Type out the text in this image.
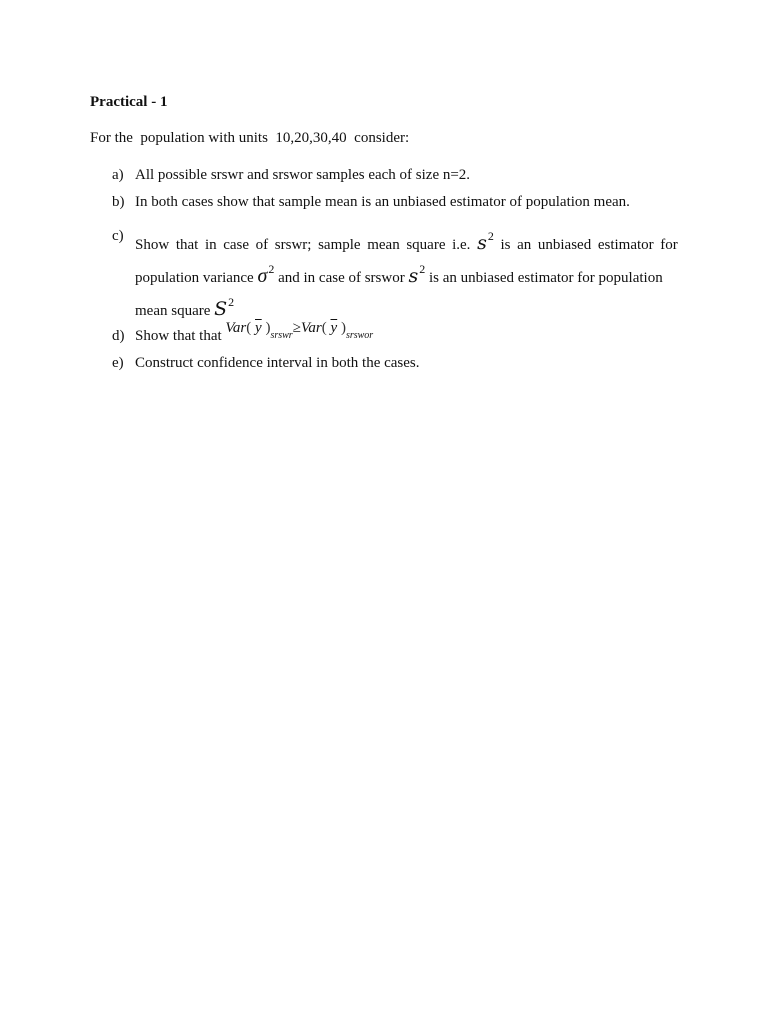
Practical - 1
For the  population with units  10,20,30,40  consider:
a) All possible srswr and srswor samples each of size n=2.
b) In both cases show that sample mean is an unbiased estimator of population mean.
c)
Show that in case of srswr; sample mean square i.e. $s^2$
is an unbiased estimator for
population variance $\sigma^2$ and in case of srswor $s^2$ is an unbiased estimator for population
mean square $S^2$
d) Show that that Var( $\overline{y}$ )$_{srswr}\ge Var$( $\overline{y}$ )$_{srswor}$
e) Construct confidence interval in both the cases.
